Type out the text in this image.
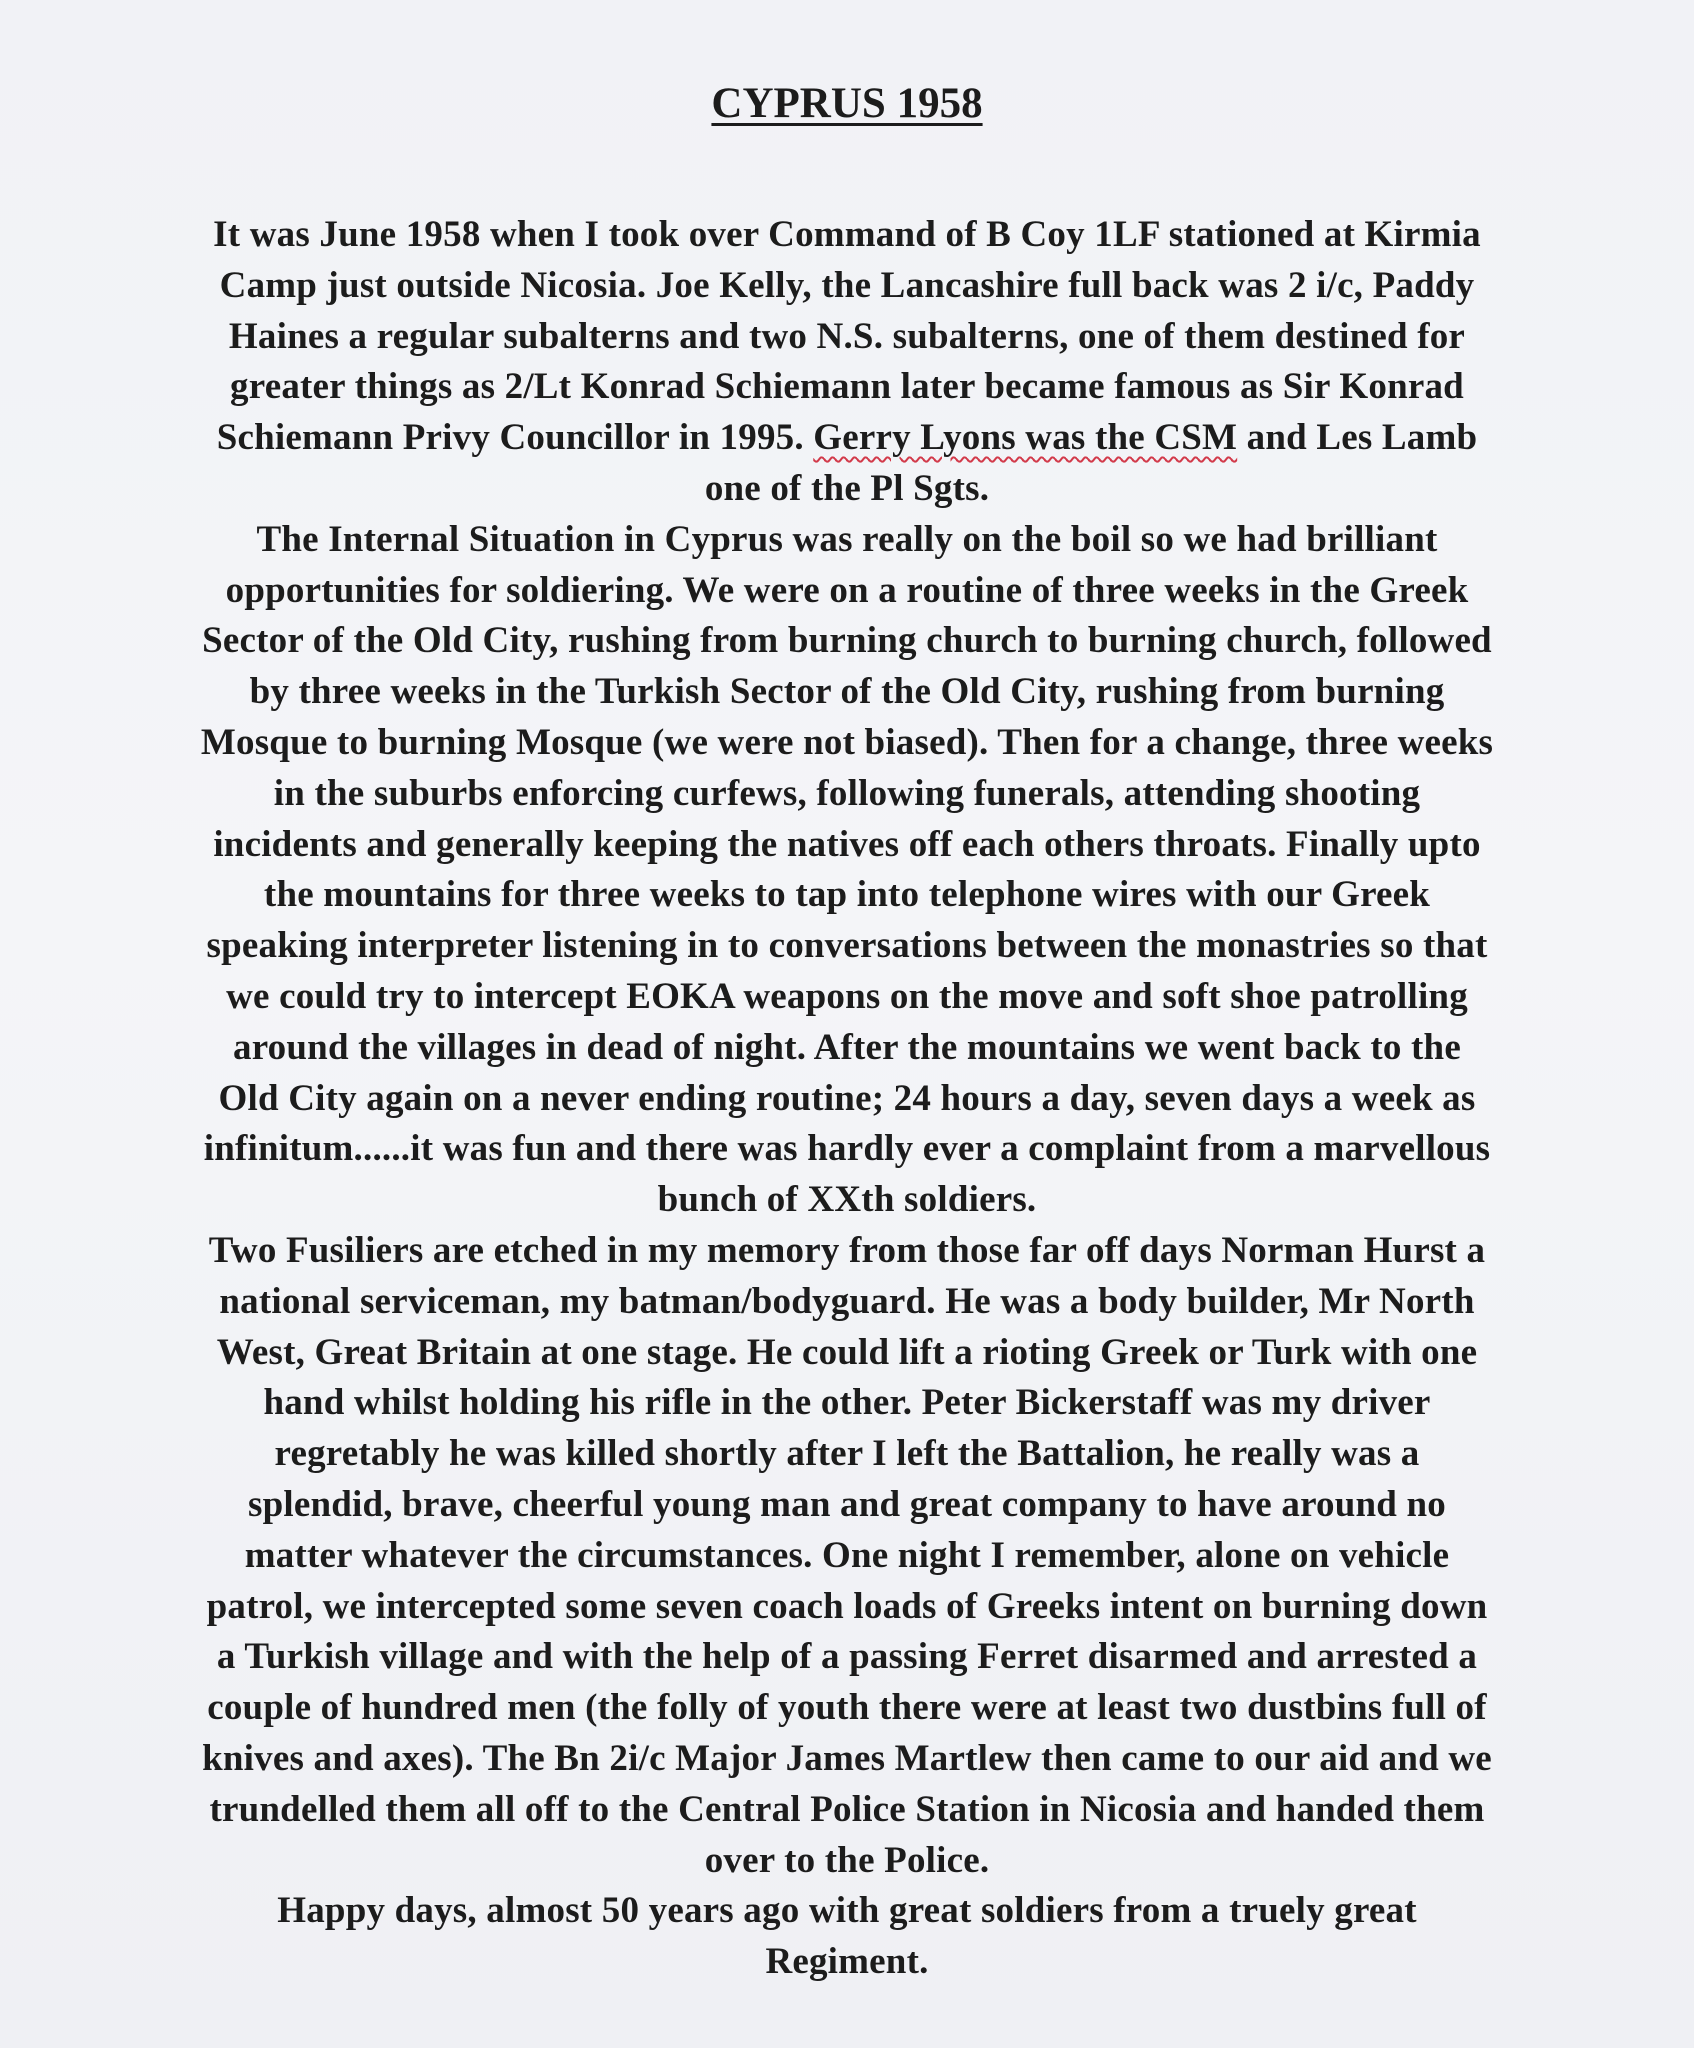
CYPRUS 1958

It was June 1958 when I took over Command of B Coy 1LF stationed at Kirmia
Camp just outside Nicosia. Joe Kelly, the Lancashire full back was 2 i/c, Paddy
Haines a regular subalterns and two N.S. subalterns, one of them destined for
greater things as 2/Lt Konrad Schiemann later became famous as Sir Konrad
Schiemann Privy Councillor in 1995. Gerry Lyons was the CSM and Les Lamb
one of the Pl Sgts.

The Internal Situation in Cyprus was really on the boil so we had brilliant
opportunities for soldiering. We were on a routine of three weeks in the Greek
Sector of the Old City, rushing from burning church to burning church, followed
by three weeks in the Turkish Sector of the Old City, rushing from burning
Mosque to burning Mosque (we were not biased). Then for a change, three weeks
in the suburbs enforcing curfews, following funerals, attending shooting
incidents and generally keeping the natives off each others throats. Finally upto
the mountains for three weeks to tap into telephone wires with our Greek
speaking interpreter listening in to conversations between the monastries so that
we could try to intercept EOKA weapons on the move and soft shoe patrolling
around the villages in dead of night. After the mountains we went back to the
Old City again on a never ending routine; 24 hours a day, seven days a week as
infinitum......it was fun and there was hardly ever a complaint from a marvellous
bunch of XXth soldiers.

Two Fusiliers are etched in my memory from those far off days Norman Hurst a
national serviceman, my batman/bodyguard. He was a body builder, Mr North
West, Great Britain at one stage. He could lift a rioting Greek or Turk with one
hand whilst holding his rifle in the other. Peter Bickerstaff was my driver
regretably he was killed shortly after I left the Battalion, he really was a
splendid, brave, cheerful young man and great company to have around no
matter whatever the circumstances. One night I remember, alone on vehicle
patrol, we intercepted some seven coach loads of Greeks intent on burning down
a Turkish village and with the help of a passing Ferret disarmed and arrested a
couple of hundred men (the folly of youth there were at least two dustbins full of
knives and axes). The Bn 2i/c Major James Martlew then came to our aid and we
trundelled them all off to the Central Police Station in Nicosia and handed them
over to the Police.

Happy days, almost 50 years ago with great soldiers from a truely great
Regiment.
